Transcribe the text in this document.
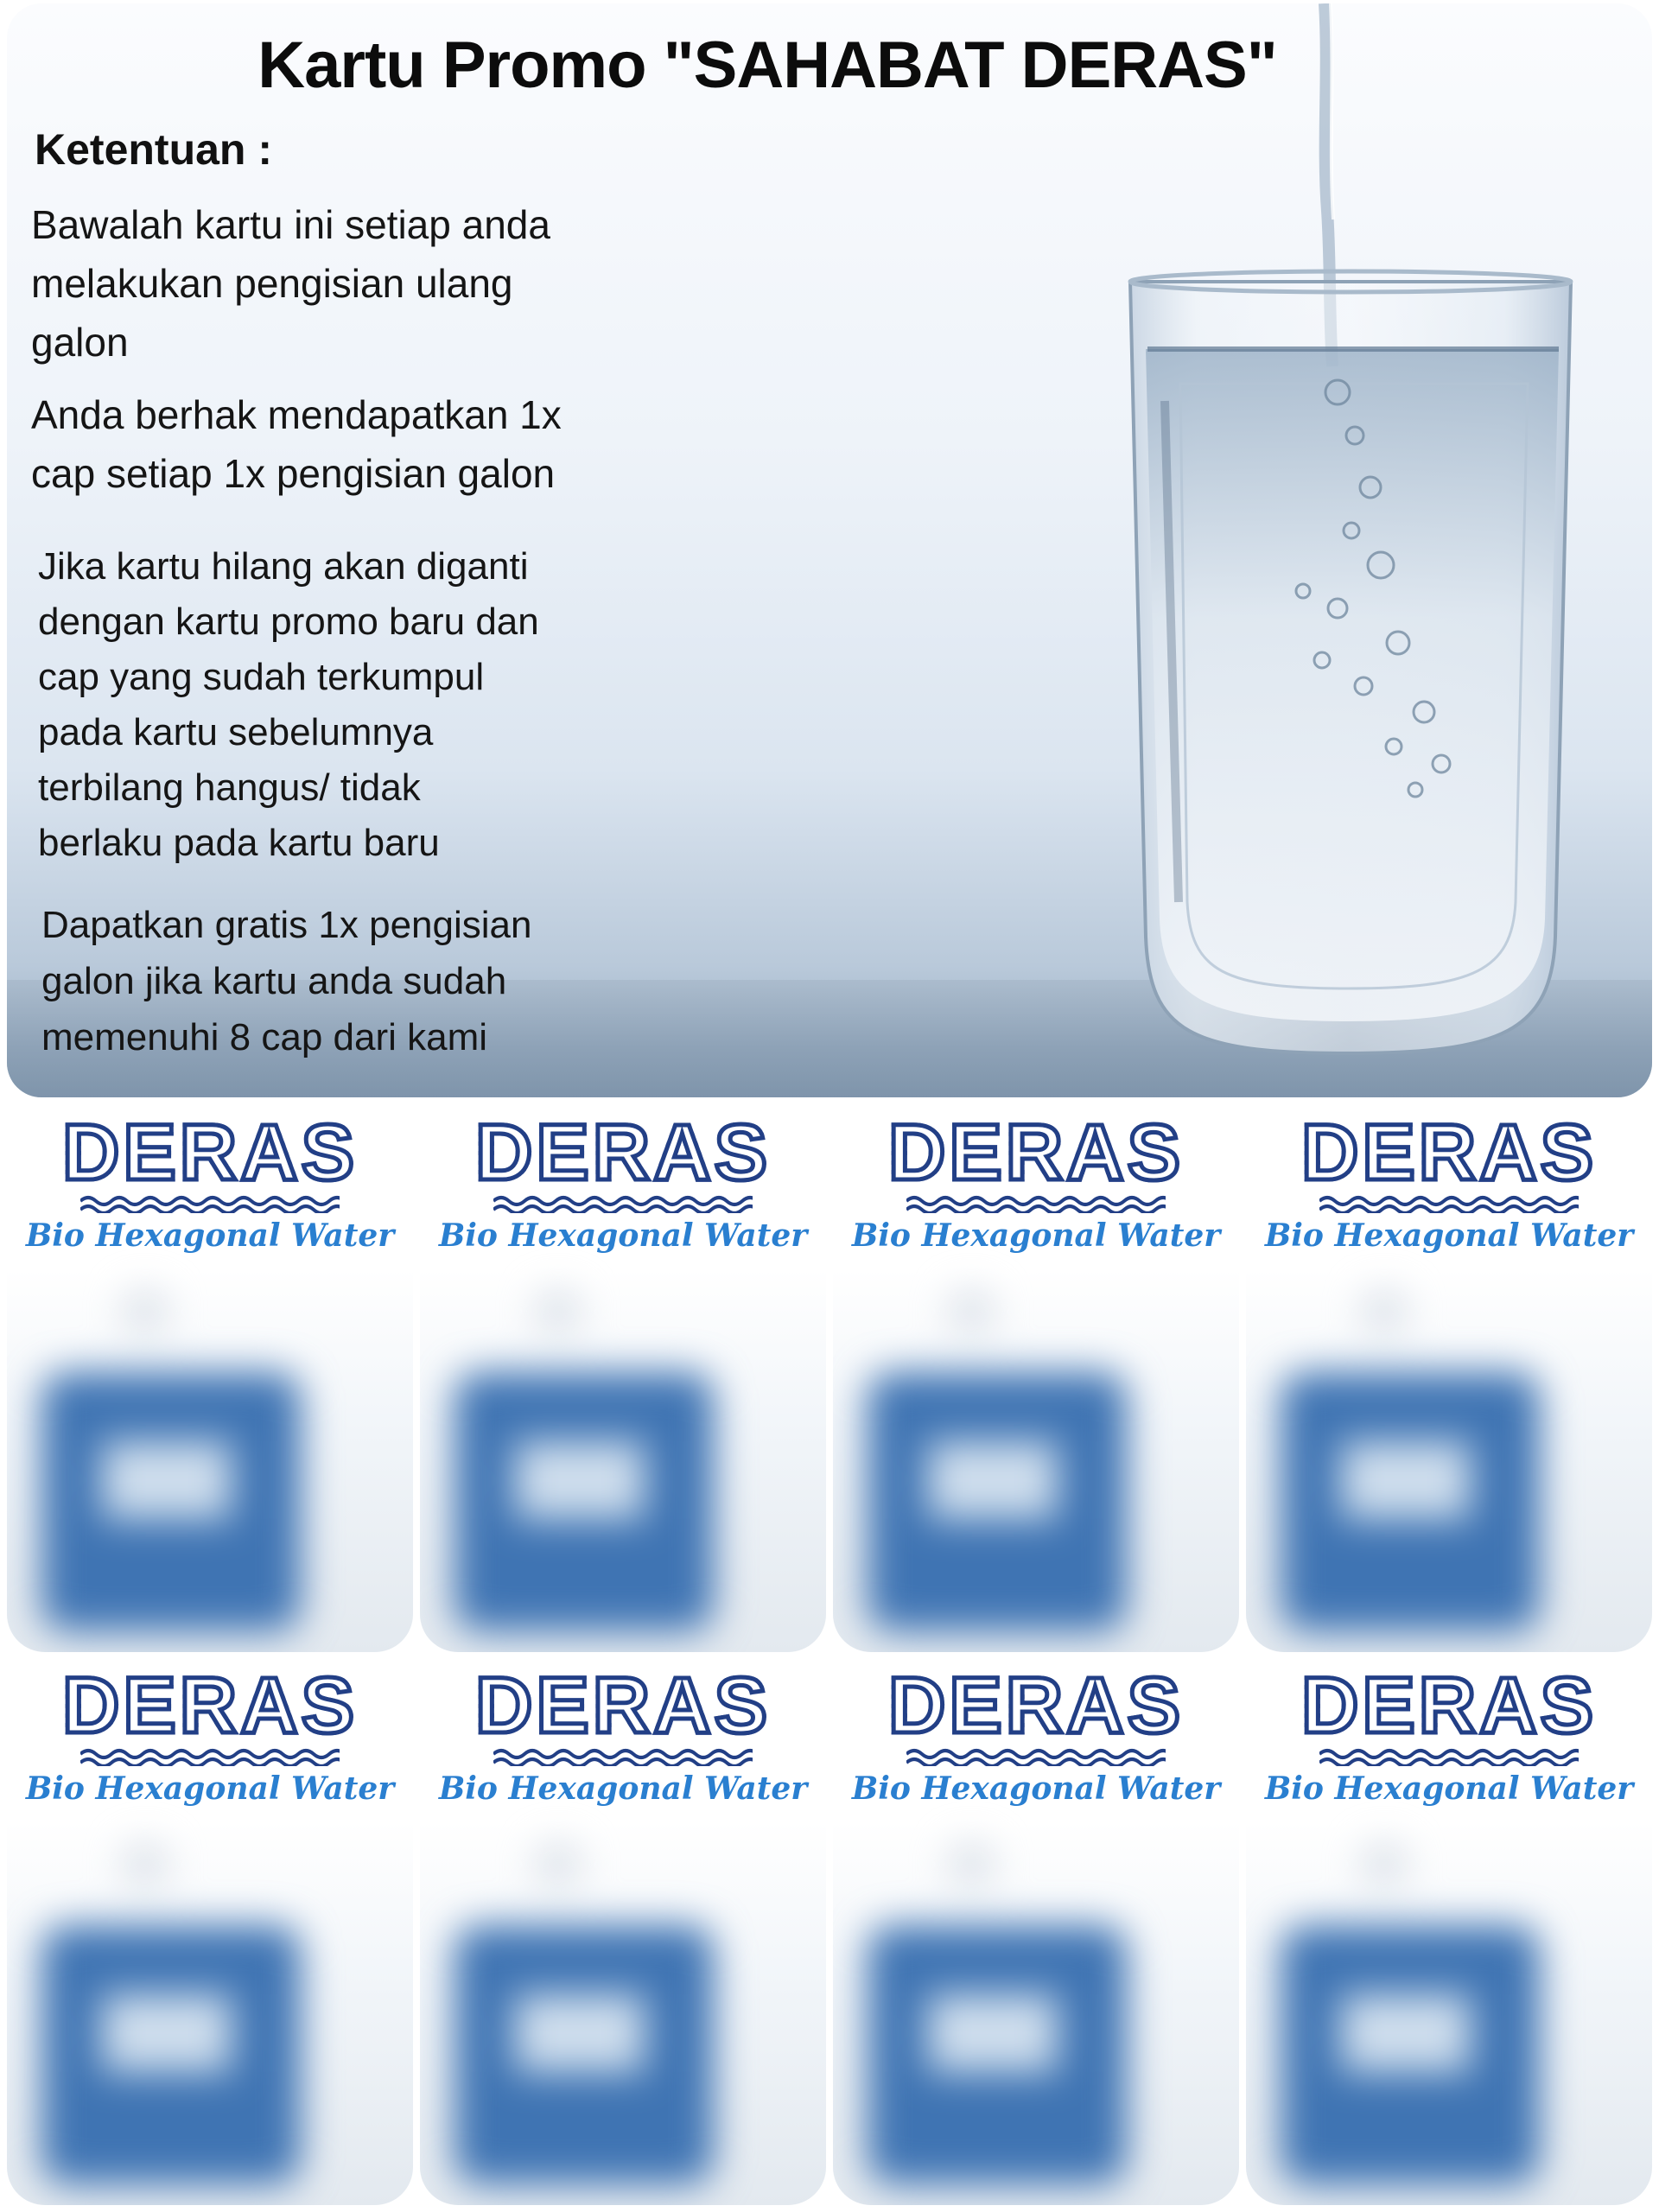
Kartu Promo "SAHABAT DERAS"
Ketentuan :
Bawalah kartu ini setiap anda
melakukan pengisian ulang
galon
Anda berhak mendapatkan 1x
cap setiap 1x pengisian galon
Jika kartu hilang akan diganti
dengan kartu promo baru dan
cap yang sudah terkumpul
pada kartu sebelumnya
terbilang hangus/ tidak
berlaku pada kartu baru
Dapatkan gratis 1x pengisian
galon jika kartu anda sudah
memenuhi 8 cap dari kami
DERAS
Bio Hexagonal Water
DERAS
Bio Hexagonal Water
DERAS
Bio Hexagonal Water
DERAS
Bio Hexagonal Water
DERAS
Bio Hexagonal Water
DERAS
Bio Hexagonal Water
DERAS
Bio Hexagonal Water
DERAS
Bio Hexagonal Water
